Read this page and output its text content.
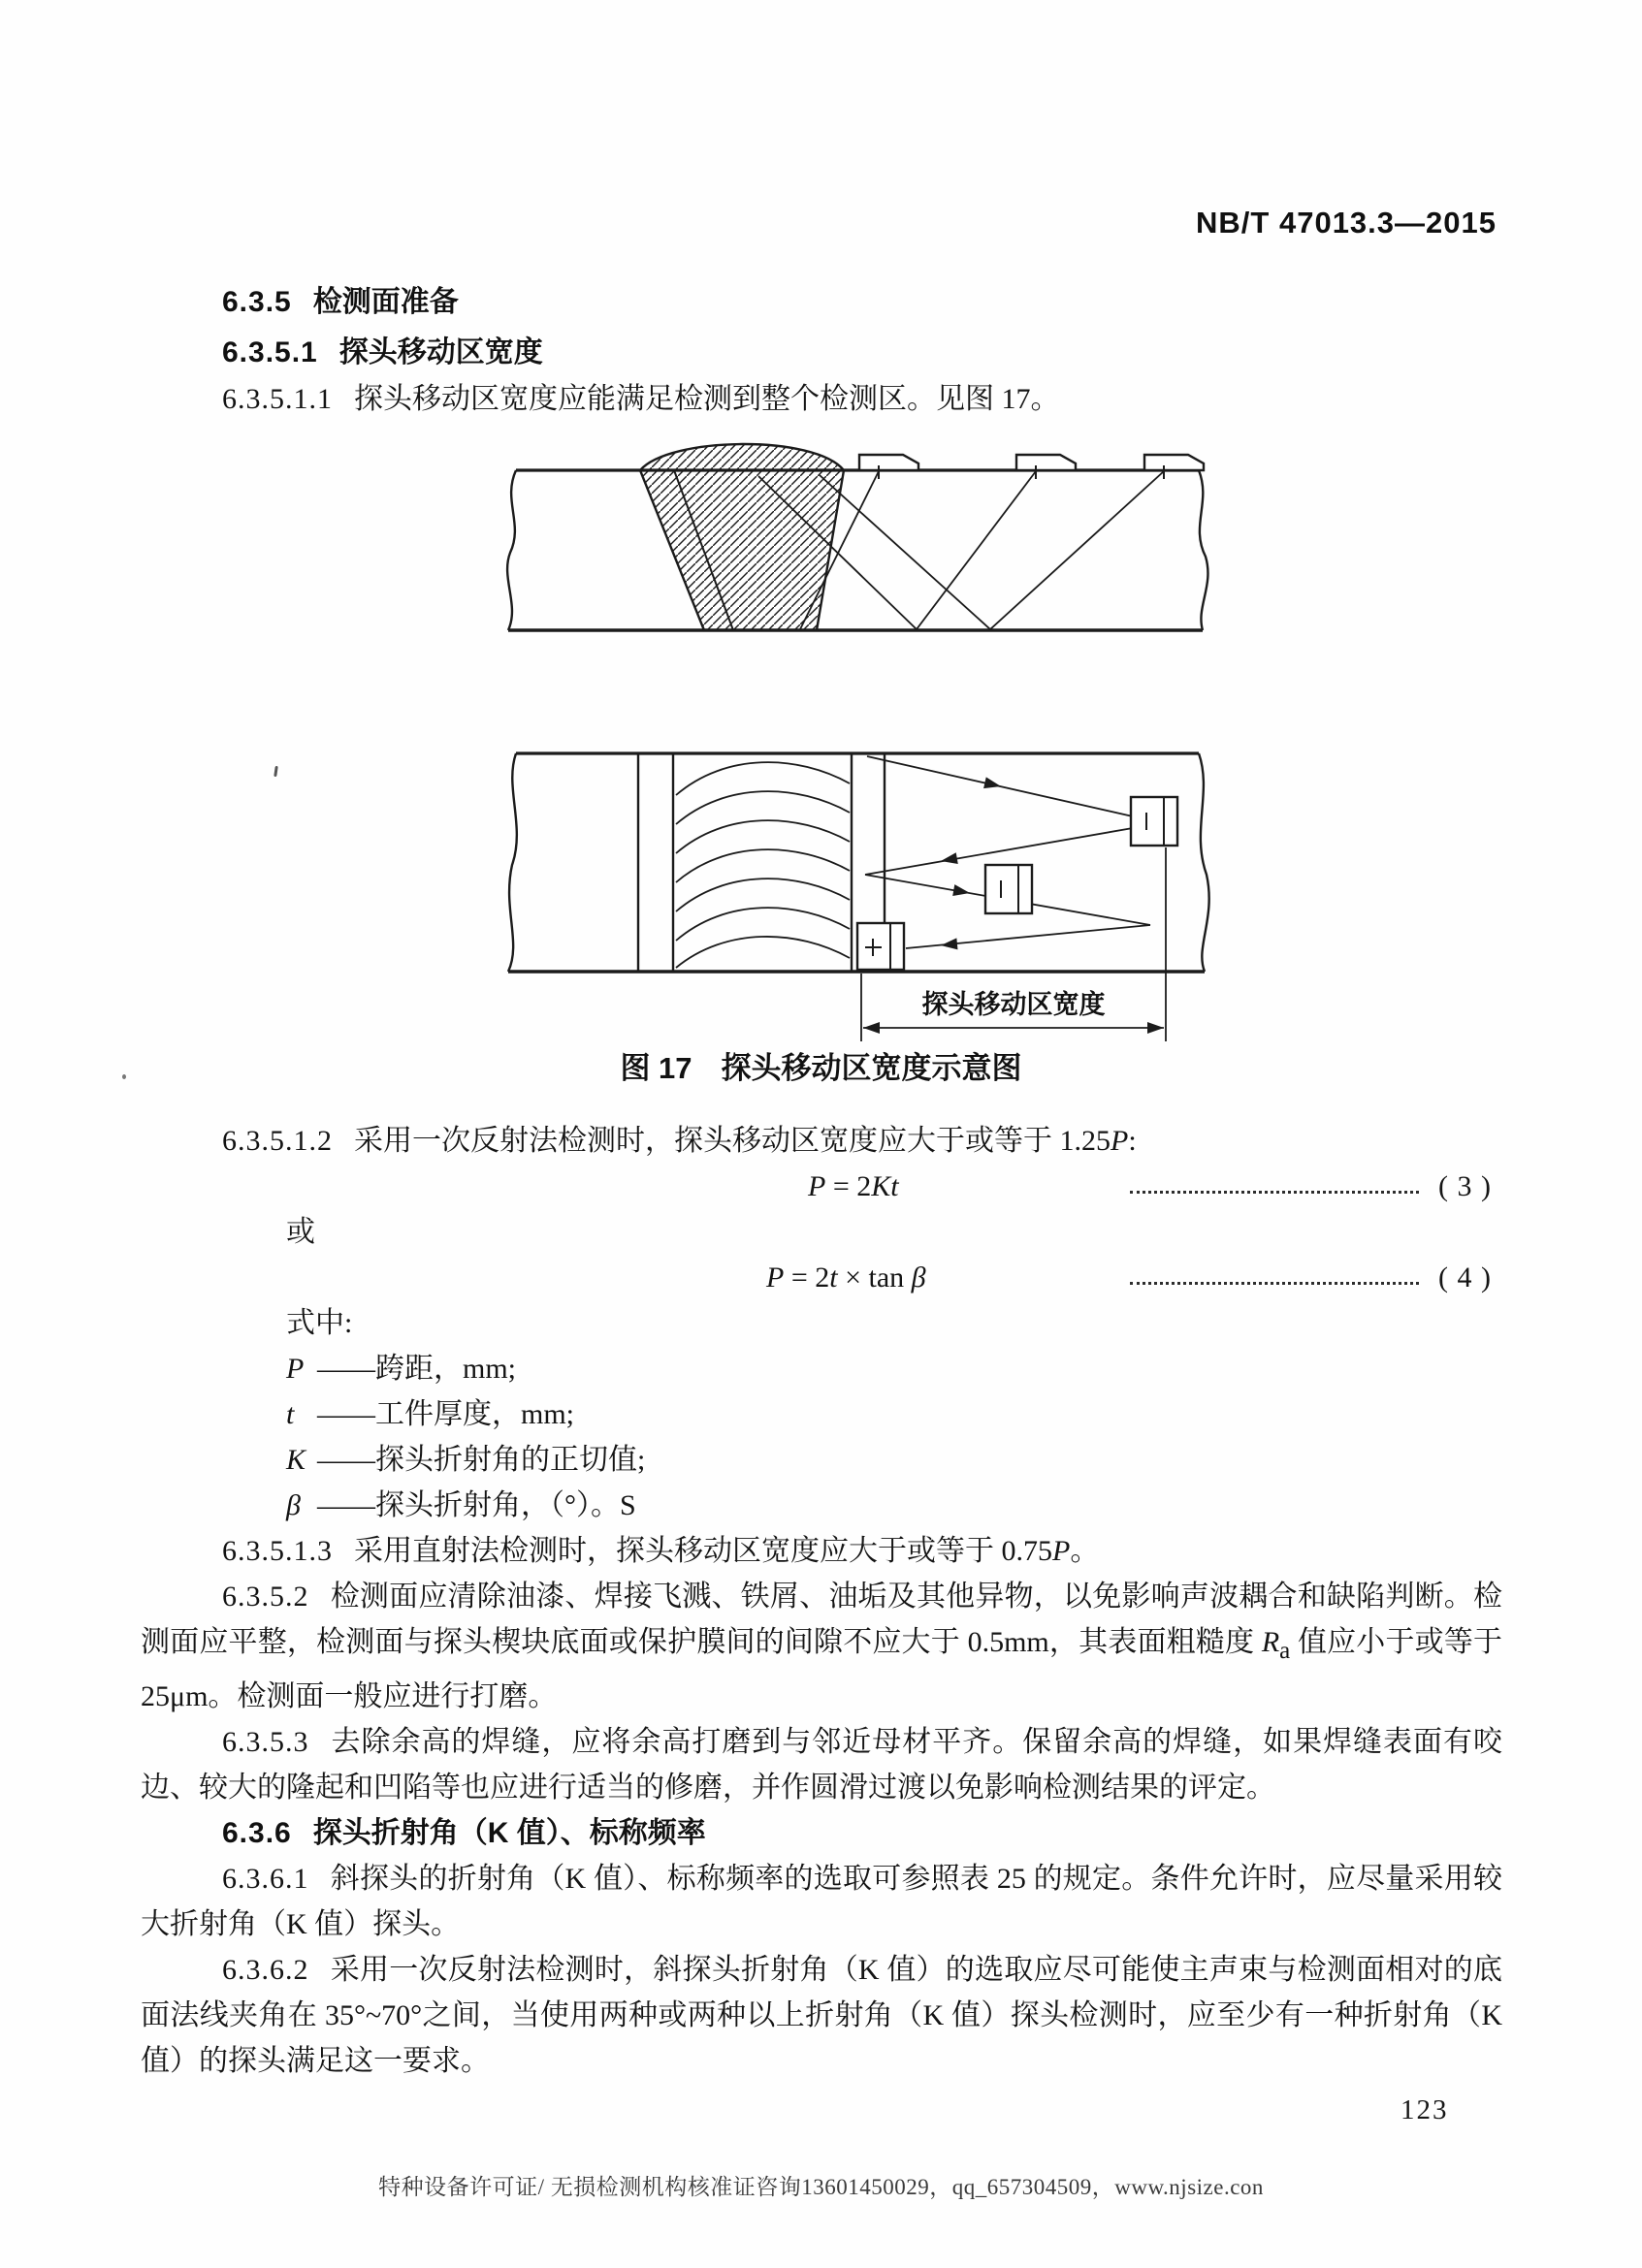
NB/T 47013.3—2015
6.3.5 检测面准备
6.3.5.1 探头移动区宽度
6.3.5.1.1 探头移动区宽度应能满足检测到整个检测区。见图 17。
探头移动区宽度
图 17 探头移动区宽度示意图

6.3.5.1.2 采用一次反射法检测时，探头移动区宽度应大于或等于 1.25P:

P = 2Kt	( 3 )
或
P = 2t × tan β	( 4 )
式中:
P ——跨距，mm;
t ——工件厚度，mm;
K ——探头折射角的正切值;
β ——探头折射角，（°）。S

6.3.5.1.3 采用直射法检测时，探头移动区宽度应大于或等于 0.75P。

6.3.5.2 检测面应清除油漆、焊接飞溅、铁屑、油垢及其他异物，以免影响声波耦合和缺陷判断。检测面应平整，检测面与探头楔块底面或保护膜间的间隙不应大于 0.5mm，其表面粗糙度 $R_a$ 值应小于或等于 25μm。检测面一般应进行打磨。

6.3.5.3 去除余高的焊缝，应将余高打磨到与邻近母材平齐。保留余高的焊缝，如果焊缝表面有咬边、较大的隆起和凹陷等也应进行适当的修磨，并作圆滑过渡以免影响检测结果的评定。

6.3.6 探头折射角（K 值）、标称频率

6.3.6.1 斜探头的折射角（K 值）、标称频率的选取可参照表 25 的规定。条件允许时，应尽量采用较大折射角（K 值）探头。

6.3.6.2 采用一次反射法检测时，斜探头折射角（K 值）的选取应尽可能使主声束与检测面相对的底面法线夹角在 35°~70°之间，当使用两种或两种以上折射角（K 值）探头检测时，应至少有一种折射角（K 值）的探头满足这一要求。

123
特种设备许可证/ 无损检测机构核准证咨询13601450029，qq_657304509，www.njsize.con
